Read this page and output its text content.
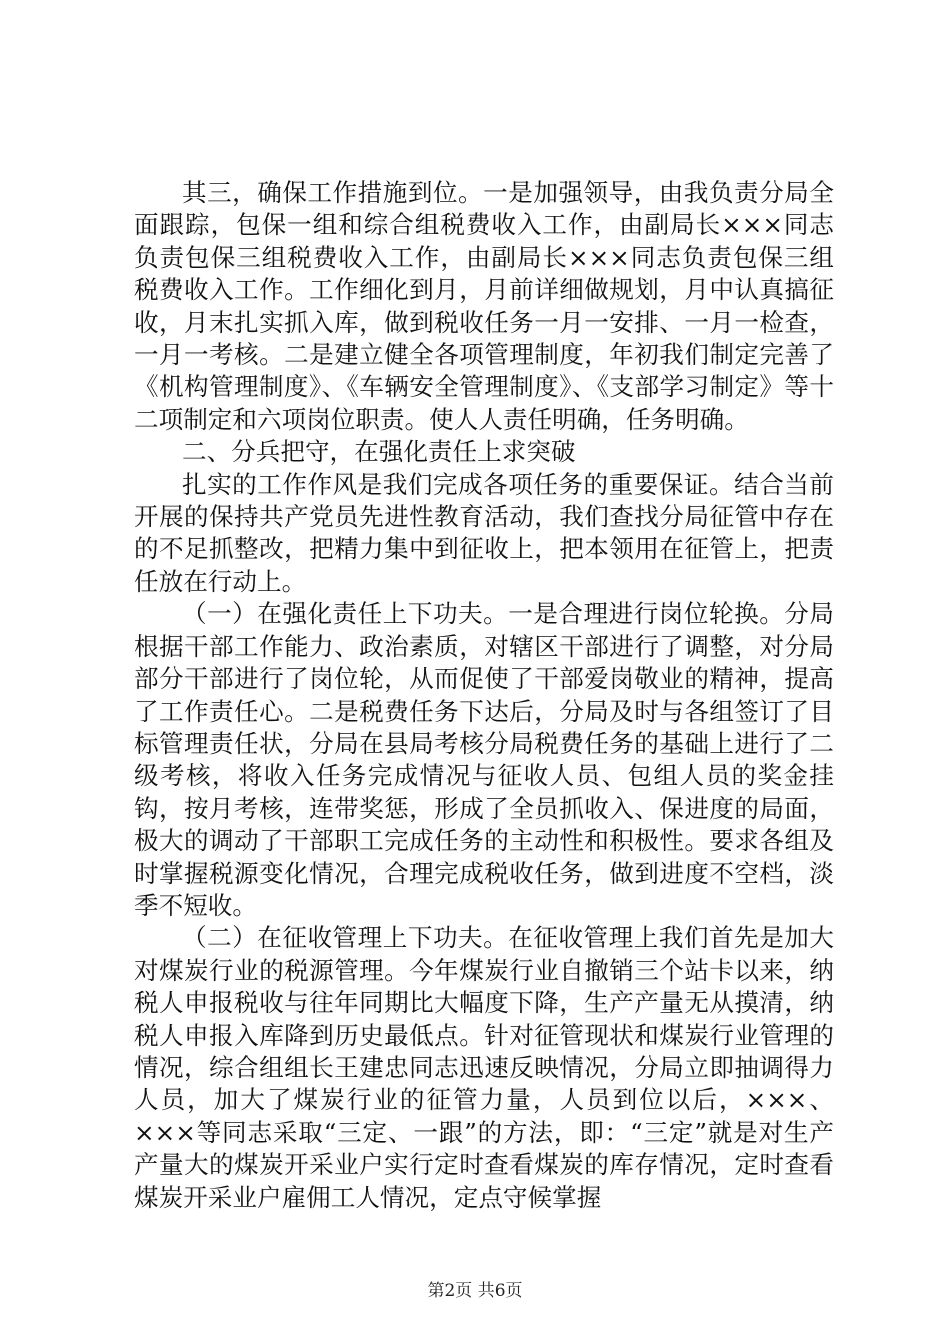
其三，确保工作措施到位。一是加强领导，由我负责分局全面跟踪，包保一组和综合组税费收入工作，由副局长×××同志负责包保三组税费收入工作，由副局长×××同志负责包保三组税费收入工作。工作细化到月，月前详细做规划，月中认真搞征收，月末扎实抓入库，做到税收任务一月一安排、一月一检查，一月一考核。二是建立健全各项管理制度，年初我们制定完善了《机构管理制度》、《车辆安全管理制度》、《支部学习制定》等十二项制定和六项岗位职责。使人人责任明确，任务明确。

二、分兵把守，在强化责任上求突破

扎实的工作作风是我们完成各项任务的重要保证。结合当前开展的保持共产党员先进性教育活动，我们查找分局征管中存在的不足抓整改，把精力集中到征收上，把本领用在征管上，把责任放在行动上。

（一）在强化责任上下功夫。一是合理进行岗位轮换。分局根据干部工作能力、政治素质，对辖区干部进行了调整，对分局部分干部进行了岗位轮，从而促使了干部爱岗敬业的精神，提高了工作责任心。二是税费任务下达后，分局及时与各组签订了目标管理责任状，分局在县局考核分局税费任务的基础上进行了二级考核，将收入任务完成情况与征收人员、包组人员的奖金挂钩，按月考核，连带奖惩，形成了全员抓收入、保进度的局面，极大的调动了干部职工完成任务的主动性和积极性。要求各组及时掌握税源变化情况，合理完成税收任务，做到进度不空档，淡季不短收。

（二）在征收管理上下功夫。在征收管理上我们首先是加大对煤炭行业的税源管理。今年煤炭行业自撤销三个站卡以来，纳税人申报税收与往年同期比大幅度下降，生产产量无从摸清，纳税人申报入库降到历史最低点。针对征管现状和煤炭行业管理的情况，综合组组长王建忠同志迅速反映情况，分局立即抽调得力人员，加大了煤炭行业的征管力量，人员到位以后，×××、×××等同志采取“三定、一跟”的方法，即：“三定”就是对生产产量大的煤炭开采业户实行定时查看煤炭的库存情况，定时查看煤炭开采业户雇佣工人情况，定点守候掌握

第2页 共6页
